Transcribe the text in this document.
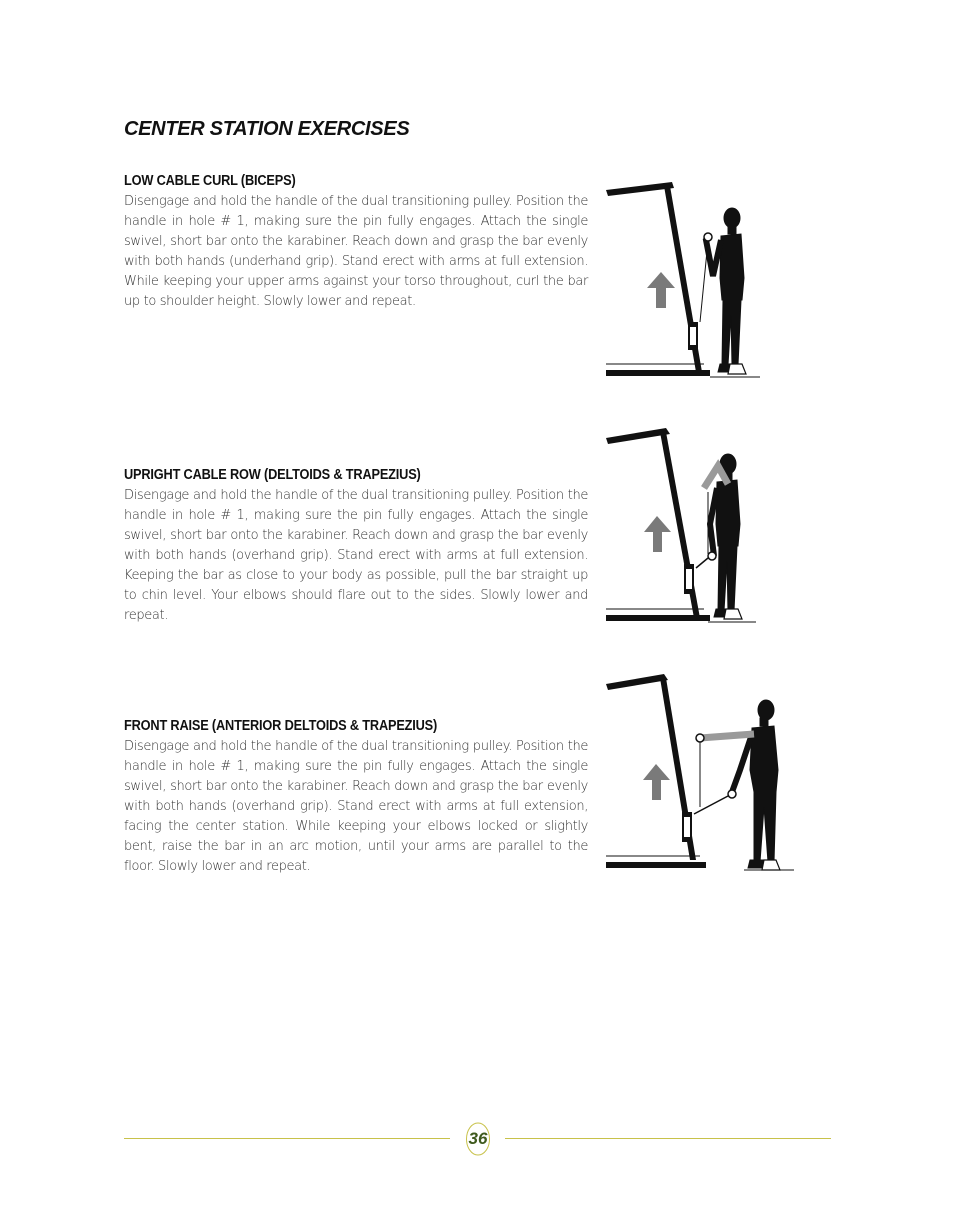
CENTER STATION EXERCISES
LOW CABLE CURL (BICEPS)

Disengage and hold the handle of the dual transitioning pulley. Position the handle in hole # 1, making sure the pin fully engages. Attach the single swivel, short bar onto the karabiner. Reach down and grasp the bar evenly with both hands (underhand grip). Stand erect with arms at full extension. While keeping your upper arms against your torso throughout, curl the bar up to shoulder height. Slowly lower and repeat.

UPRIGHT CABLE ROW (DELTOIDS & TRAPEZIUS)

Disengage and hold the handle of the dual transitioning pulley. Position the handle in hole # 1, making sure the pin fully engages. Attach the single swivel, short bar onto the karabiner. Reach down and grasp the bar evenly with both hands (overhand grip). Stand erect with arms at full extension. Keeping the bar as close to your body as possible, pull the bar straight up to chin level. Your elbows should flare out to the sides. Slowly lower and repeat.

FRONT RAISE (ANTERIOR DELTOIDS & TRAPEZIUS)

Disengage and hold the handle of the dual transitioning pulley. Position the handle in hole # 1, making sure the pin fully engages. Attach the single swivel, short bar onto the karabiner. Reach down and grasp the bar evenly with both hands (overhand grip). Stand erect with arms at full extension, facing the center station. While keeping your elbows locked or slightly bent, raise the bar in an arc motion, until your arms are parallel to the floor. Slowly lower and repeat.

36
